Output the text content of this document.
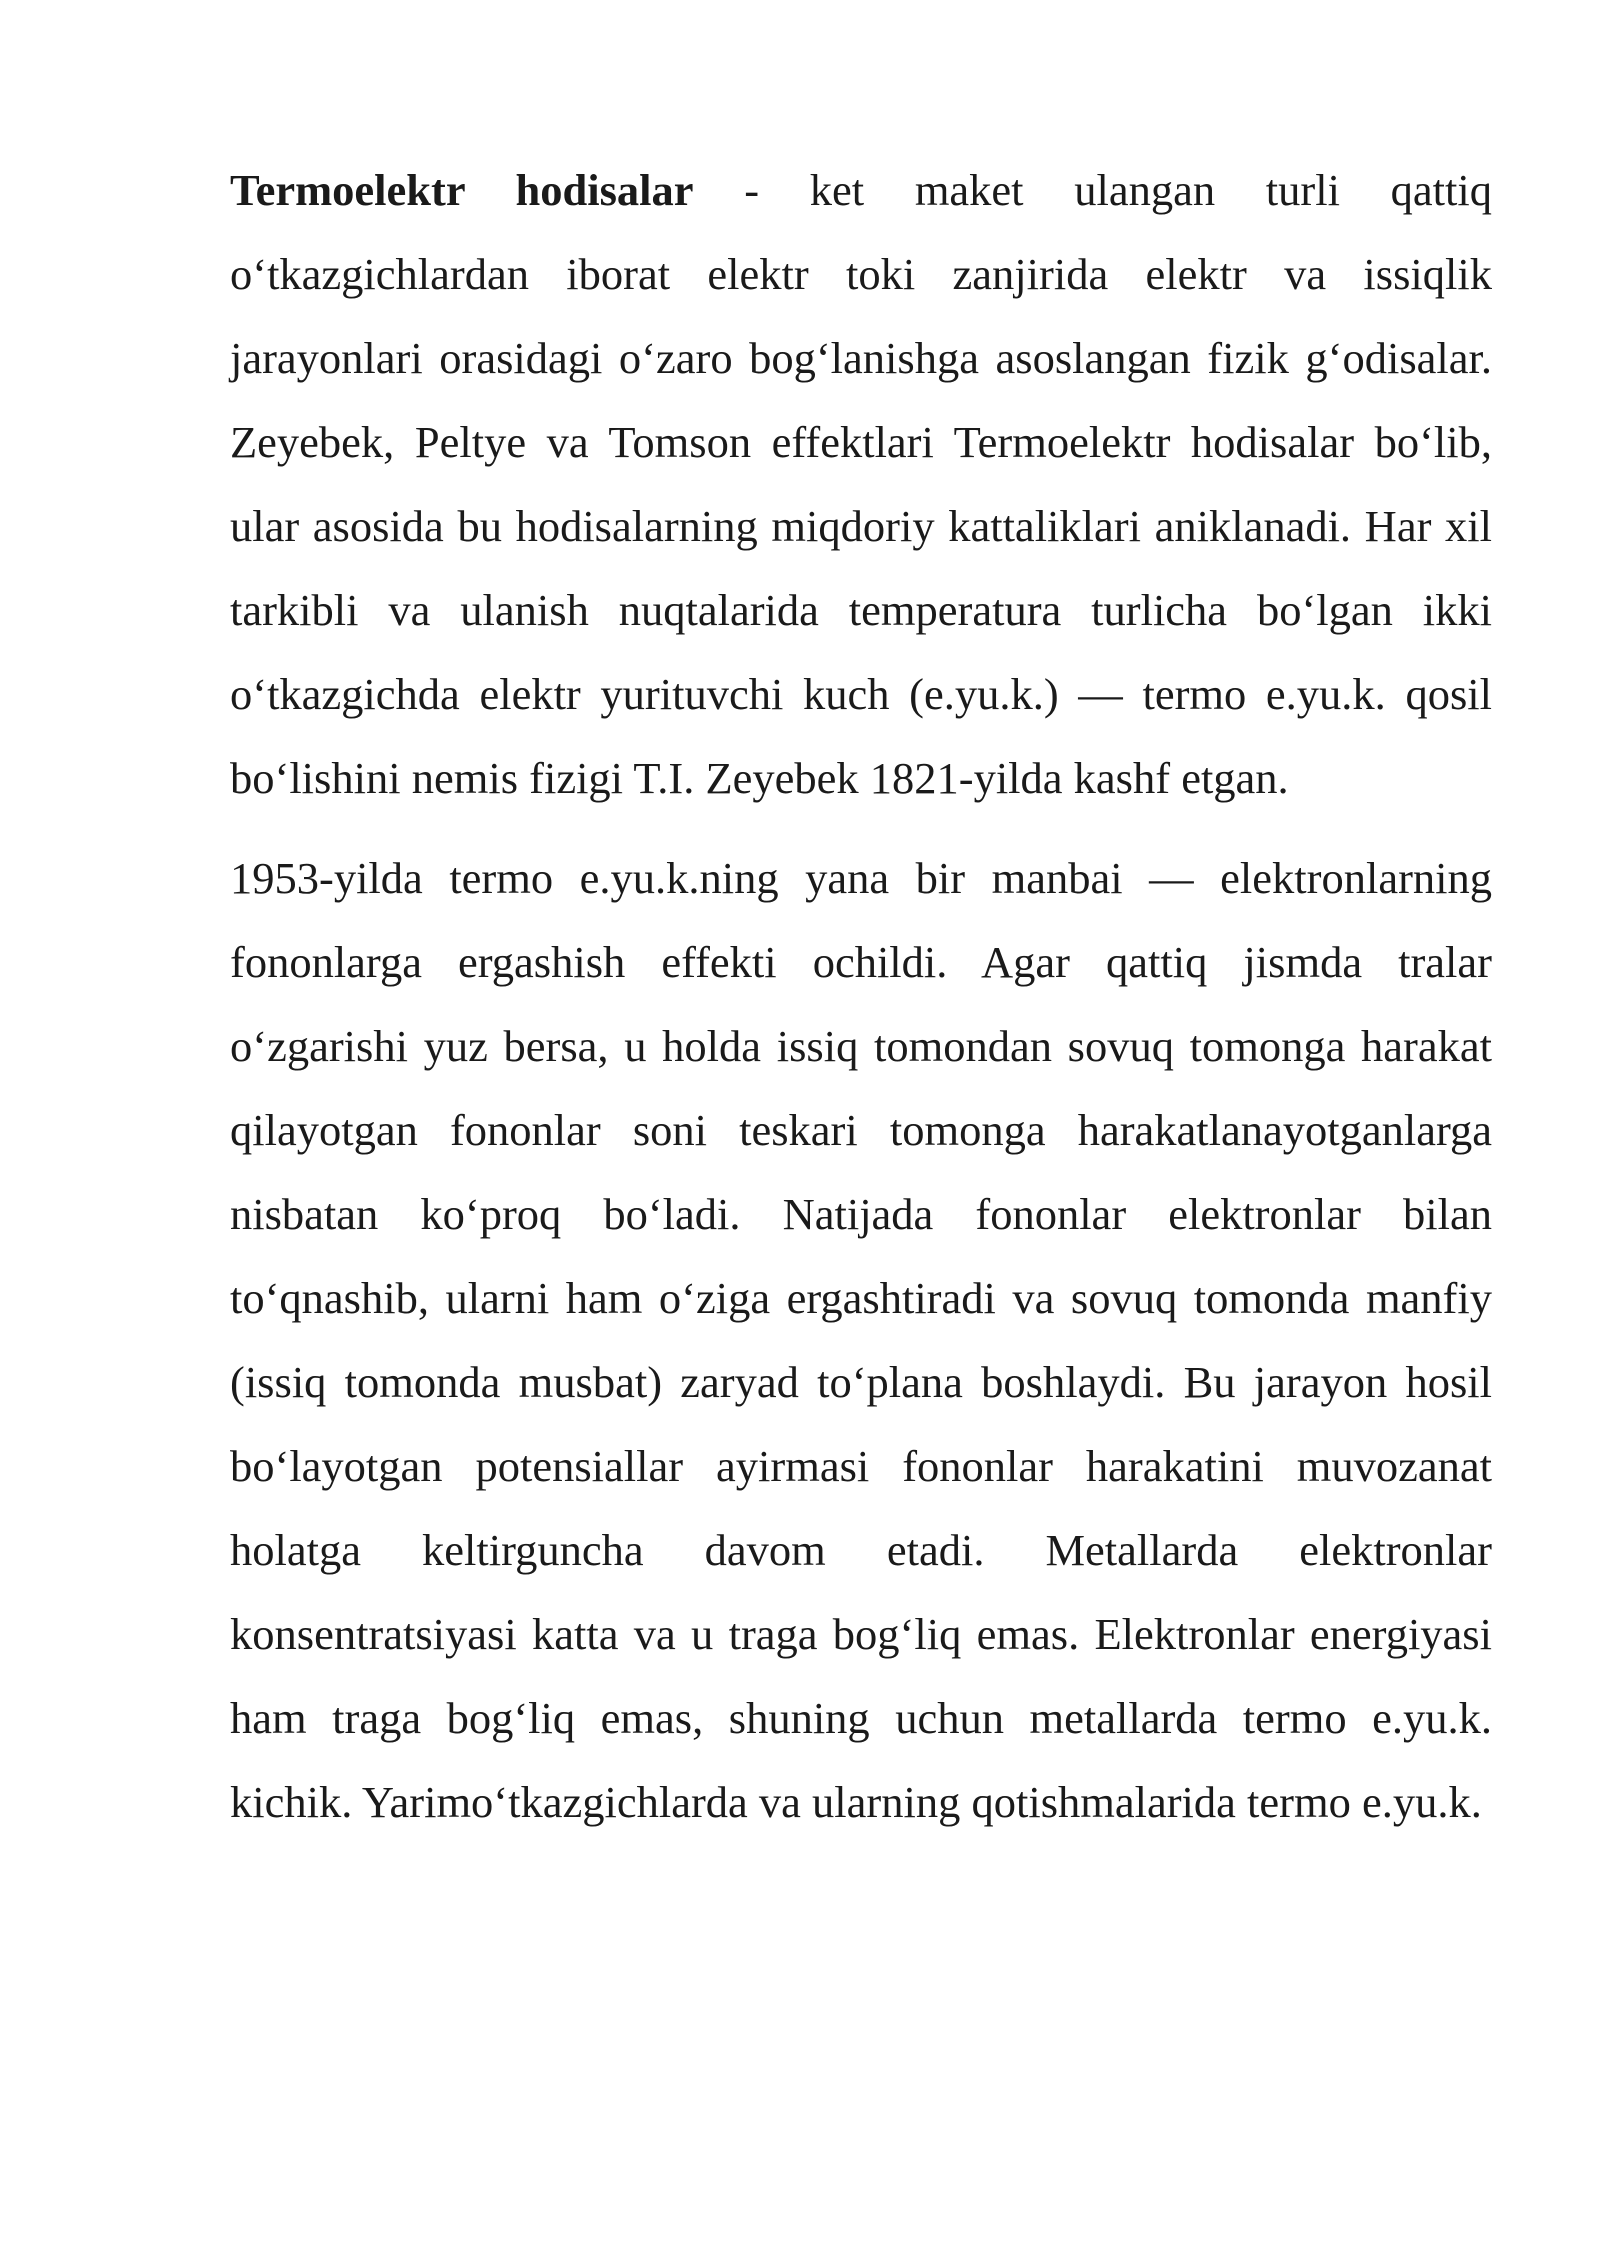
Termoelektr hodisalar - ket maket ulangan turli qattiq o‘tkazgichlardan iborat elektr toki zanjirida elektr va issiqlik jarayonlari orasidagi o‘zaro bog‘lanishga asoslangan fizik g‘odisalar. Zeyebek, Peltye va Tomson effektlari Termoelektr hodisalar bo‘lib, ular asosida bu hodisalarning miqdoriy kattaliklari aniklanadi. Har xil tarkibli va ulanish nuqtalarida temperatura turlicha bo‘lgan ikki o‘tkazgichda elektr yurituvchi kuch (e.yu.k.) — termo e.yu.k. qosil bo‘lishini nemis fizigi T.I. Zeyebek 1821-yilda kashf etgan.

1953-yilda termo e.yu.k.ning yana bir manbai — elektronlarning fononlarga ergashish effekti ochildi. Agar qattiq jismda tralar o‘zgarishi yuz bersa, u holda issiq tomondan sovuq tomonga harakat qilayotgan fononlar soni teskari tomonga harakatlanayotganlarga nisbatan ko‘proq bo‘ladi. Natijada fononlar elektronlar bilan to‘qnashib, ularni ham o‘ziga ergashtiradi va sovuq tomonda manfiy (issiq tomonda musbat) zaryad to‘plana boshlaydi. Bu jarayon hosil bo‘layotgan potensiallar ayirmasi fononlar harakatini muvozanat holatga keltirguncha davom etadi. Metallarda elektronlar konsentratsiyasi katta va u traga bog‘liq emas. Elektronlar energiyasi ham traga bog‘liq emas, shuning uchun metallarda termo e.yu.k. kichik. Yarimo‘tkazgichlarda va ularning qotishmalarida termo e.yu.k.
